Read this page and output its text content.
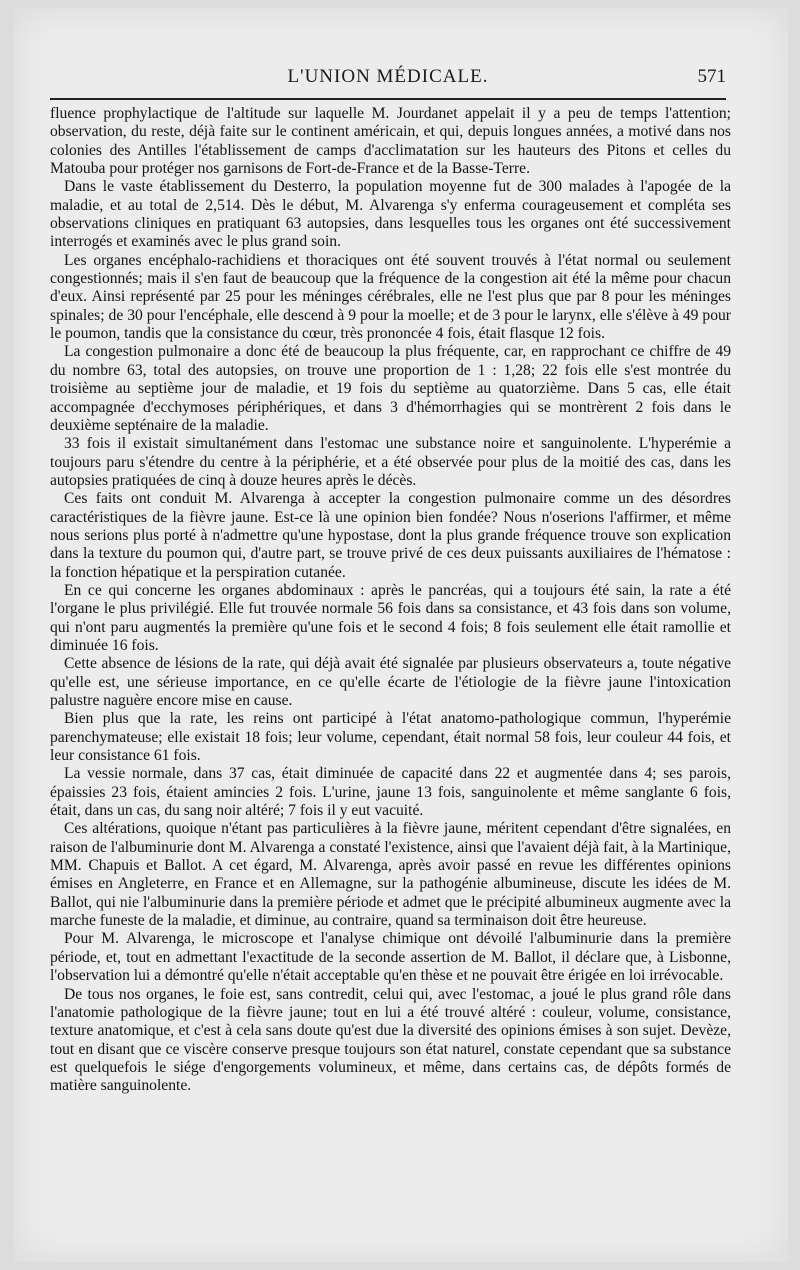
L'UNION MÉDICALE.	571

fluence prophylactique de l'altitude sur laquelle M. Jourdanet appelait il y a peu de temps l'attention; observation, du reste, déjà faite sur le continent américain, et qui, depuis longues années, a motivé dans nos colonies des Antilles l'établissement de camps d'acclimatation sur les hauteurs des Pitons et celles du Matouba pour protéger nos garnisons de Fort-de-France et de la Basse-Terre.

Dans le vaste établissement du Desterro, la population moyenne fut de 300 malades à l'apogée de la maladie, et au total de 2,514. Dès le début, M. Alvarenga s'y enferma courageusement et compléta ses observations cliniques en pratiquant 63 autopsies, dans lesquelles tous les organes ont été successivement interrogés et examinés avec le plus grand soin.

Les organes encéphalo-rachidiens et thoraciques ont été souvent trouvés à l'état normal ou seulement congestionnés; mais il s'en faut de beaucoup que la fréquence de la congestion ait été la même pour chacun d'eux. Ainsi représenté par 25 pour les méninges cérébrales, elle ne l'est plus que par 8 pour les méninges spinales; de 30 pour l'encéphale, elle descend à 9 pour la moelle; et de 3 pour le larynx, elle s'élève à 49 pour le poumon, tandis que la consistance du cœur, très prononcée 4 fois, était flasque 12 fois.

La congestion pulmonaire a donc été de beaucoup la plus fréquente, car, en rapprochant ce chiffre de 49 du nombre 63, total des autopsies, on trouve une proportion de 1 : 1,28; 22 fois elle s'est montrée du troisième au septième jour de maladie, et 19 fois du septième au quatorzième. Dans 5 cas, elle était accompagnée d'ecchymoses périphériques, et dans 3 d'hémorrhagies qui se montrèrent 2 fois dans le deuxième septénaire de la maladie.

33 fois il existait simultanément dans l'estomac une substance noire et sanguinolente. L'hyperémie a toujours paru s'étendre du centre à la périphérie, et a été observée pour plus de la moitié des cas, dans les autopsies pratiquées de cinq à douze heures après le décès.

Ces faits ont conduit M. Alvarenga à accepter la congestion pulmonaire comme un des désordres caractéristiques de la fièvre jaune. Est-ce là une opinion bien fondée? Nous n'oserions l'affirmer, et même nous serions plus porté à n'admettre qu'une hypostase, dont la plus grande fréquence trouve son explication dans la texture du poumon qui, d'autre part, se trouve privé de ces deux puissants auxiliaires de l'hématose : la fonction hépatique et la perspiration cutanée.

En ce qui concerne les organes abdominaux : après le pancréas, qui a toujours été sain, la rate a été l'organe le plus privilégié. Elle fut trouvée normale 56 fois dans sa consistance, et 43 fois dans son volume, qui n'ont paru augmentés la première qu'une fois et le second 4 fois; 8 fois seulement elle était ramollie et diminuée 16 fois.

Cette absence de lésions de la rate, qui déjà avait été signalée par plusieurs observateurs a, toute négative qu'elle est, une sérieuse importance, en ce qu'elle écarte de l'étiologie de la fièvre jaune l'intoxication palustre naguère encore mise en cause.

Bien plus que la rate, les reins ont participé à l'état anatomo-pathologique commun, l'hyperémie parenchymateuse; elle existait 18 fois; leur volume, cependant, était normal 58 fois, leur couleur 44 fois, et leur consistance 61 fois.

La vessie normale, dans 37 cas, était diminuée de capacité dans 22 et augmentée dans 4; ses parois, épaissies 23 fois, étaient amincies 2 fois. L'urine, jaune 13 fois, sanguinolente et même sanglante 6 fois, était, dans un cas, du sang noir altéré; 7 fois il y eut vacuité.

Ces altérations, quoique n'étant pas particulières à la fièvre jaune, méritent cependant d'être signalées, en raison de l'albuminurie dont M. Alvarenga a constaté l'existence, ainsi que l'avaient déjà fait, à la Martinique, MM. Chapuis et Ballot. A cet égard, M. Alvarenga, après avoir passé en revue les différentes opinions émises en Angleterre, en France et en Allemagne, sur la pathogénie albumineuse, discute les idées de M. Ballot, qui nie l'albuminurie dans la première période et admet que le précipité albumineux augmente avec la marche funeste de la maladie, et diminue, au contraire, quand sa terminaison doit être heureuse.

Pour M. Alvarenga, le microscope et l'analyse chimique ont dévoilé l'albuminurie dans la première période, et, tout en admettant l'exactitude de la seconde assertion de M. Ballot, il déclare que, à Lisbonne, l'observation lui a démontré qu'elle n'était acceptable qu'en thèse et ne pouvait être érigée en loi irrévocable.

De tous nos organes, le foie est, sans contredit, celui qui, avec l'estomac, a joué le plus grand rôle dans l'anatomie pathologique de la fièvre jaune; tout en lui a été trouvé altéré : couleur, volume, consistance, texture anatomique, et c'est à cela sans doute qu'est due la diversité des opinions émises à son sujet. Devèze, tout en disant que ce viscère conserve presque toujours son état naturel, constate cependant que sa substance est quelquefois le siége d'engorgements volumineux, et même, dans certains cas, de dépôts formés de matière sanguinolente.
